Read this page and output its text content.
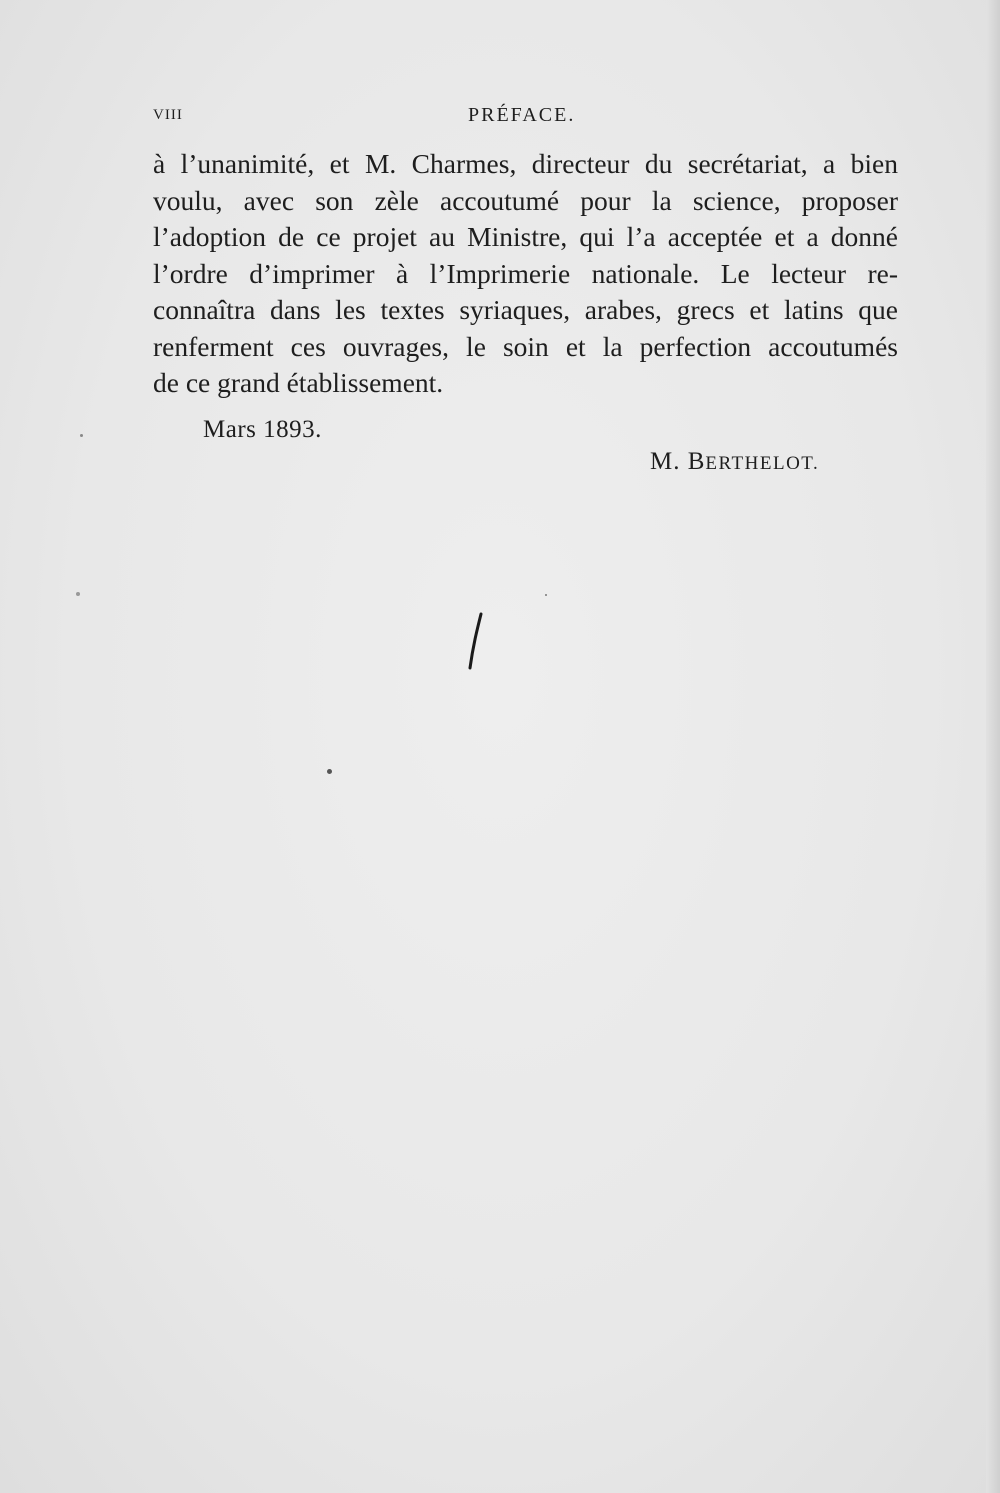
VIII	PRÉFACE.
à l’unanimité, et M. Charmes, directeur du secrétariat, a bien
voulu, avec son zèle accoutumé pour la science, proposer
l’adoption de ce projet au Ministre, qui l’a acceptée et a donné
l’ordre d’imprimer à l’Imprimerie nationale. Le lecteur re-
connaîtra dans les textes syriaques, arabes, grecs et latins que
renferment ces ouvrages, le soin et la perfection accoutumés
de ce grand établissement.
Mars 1893.
M. BERTHELOT.
